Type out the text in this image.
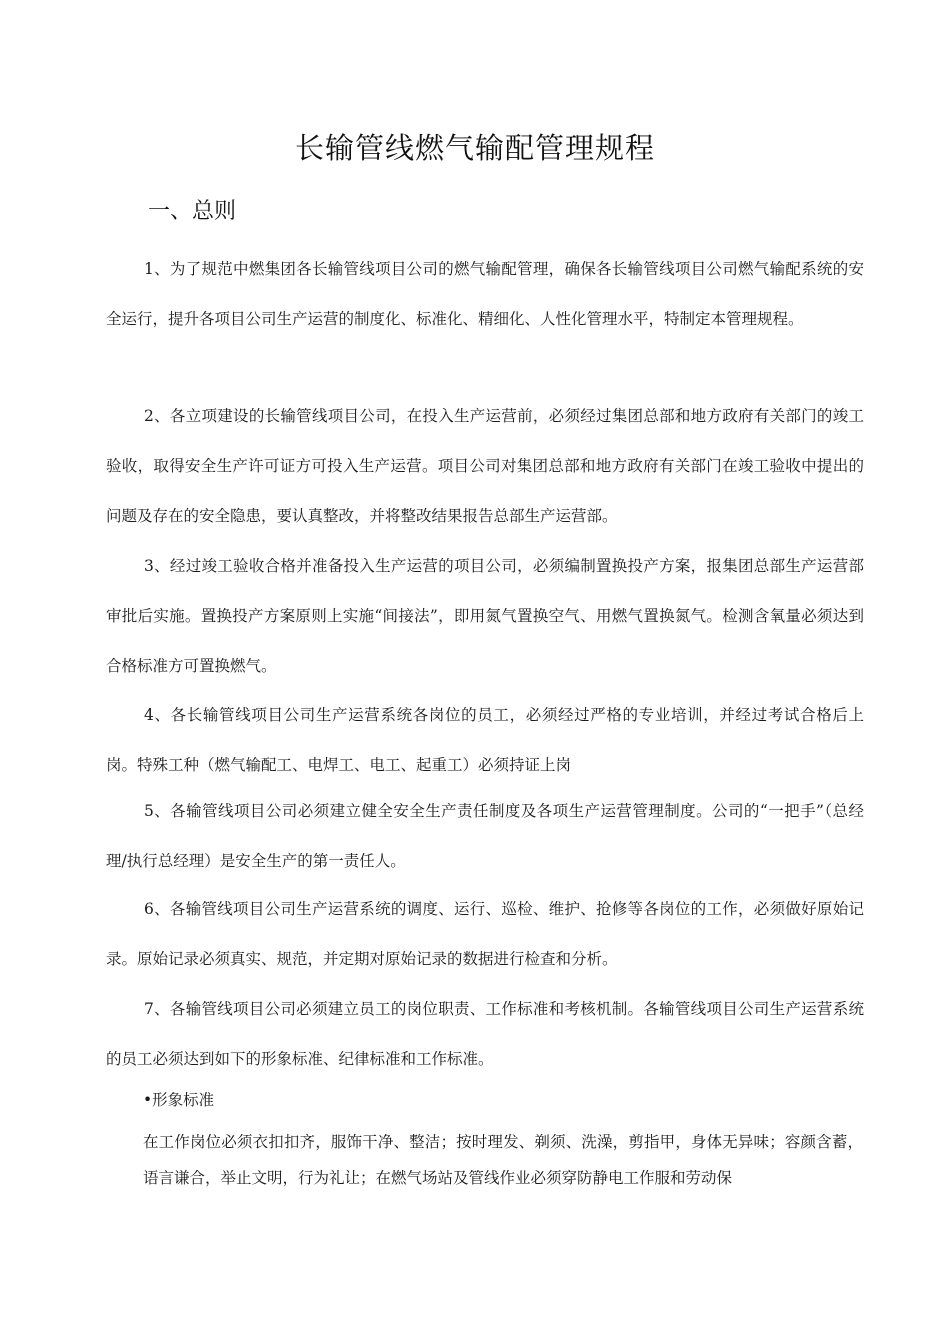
长输管线燃气输配管理规程
一、总则

1、为了规范中燃集团各长输管线项目公司的燃气输配管理，确保各长输管线项目公司燃气输配系统的安全运行，提升各项目公司生产运营的制度化、标准化、精细化、人性化管理水平，特制定本管理规程。

2、各立项建设的长输管线项目公司，在投入生产运营前，必须经过集团总部和地方政府有关部门的竣工验收，取得安全生产许可证方可投入生产运营。项目公司对集团总部和地方政府有关部门在竣工验收中提出的问题及存在的安全隐患，要认真整改，并将整改结果报告总部生产运营部。

3、经过竣工验收合格并准备投入生产运营的项目公司，必须编制置换投产方案，报集团总部生产运营部审批后实施。置换投产方案原则上实施“间接法”，即用氮气置换空气、用燃气置换氮气。检测含氧量必须达到合格标准方可置换燃气。

4、各长输管线项目公司生产运营系统各岗位的员工，必须经过严格的专业培训，并经过考试合格后上岗。特殊工种（燃气输配工、电焊工、电工、起重工）必须持证上岗

5、各输管线项目公司必须建立健全安全生产责任制度及各项生产运营管理制度。公司的“一把手”（总经理/执行总经理）是安全生产的第一责任人。

6、各输管线项目公司生产运营系统的调度、运行、巡检、维护、抢修等各岗位的工作，必须做好原始记录。原始记录必须真实、规范，并定期对原始记录的数据进行检查和分析。

7、各输管线项目公司必须建立员工的岗位职责、工作标准和考核机制。各输管线项目公司生产运营系统的员工必须达到如下的形象标准、纪律标准和工作标准。

•形象标准

在工作岗位必须衣扣扣齐，服饰干净、整洁；按时理发、剃须、洗澡，剪指甲，身体无异味；容颜含蓄，语言谦合，举止文明，行为礼让；在燃气场站及管线作业必须穿防静电工作服和劳动保
